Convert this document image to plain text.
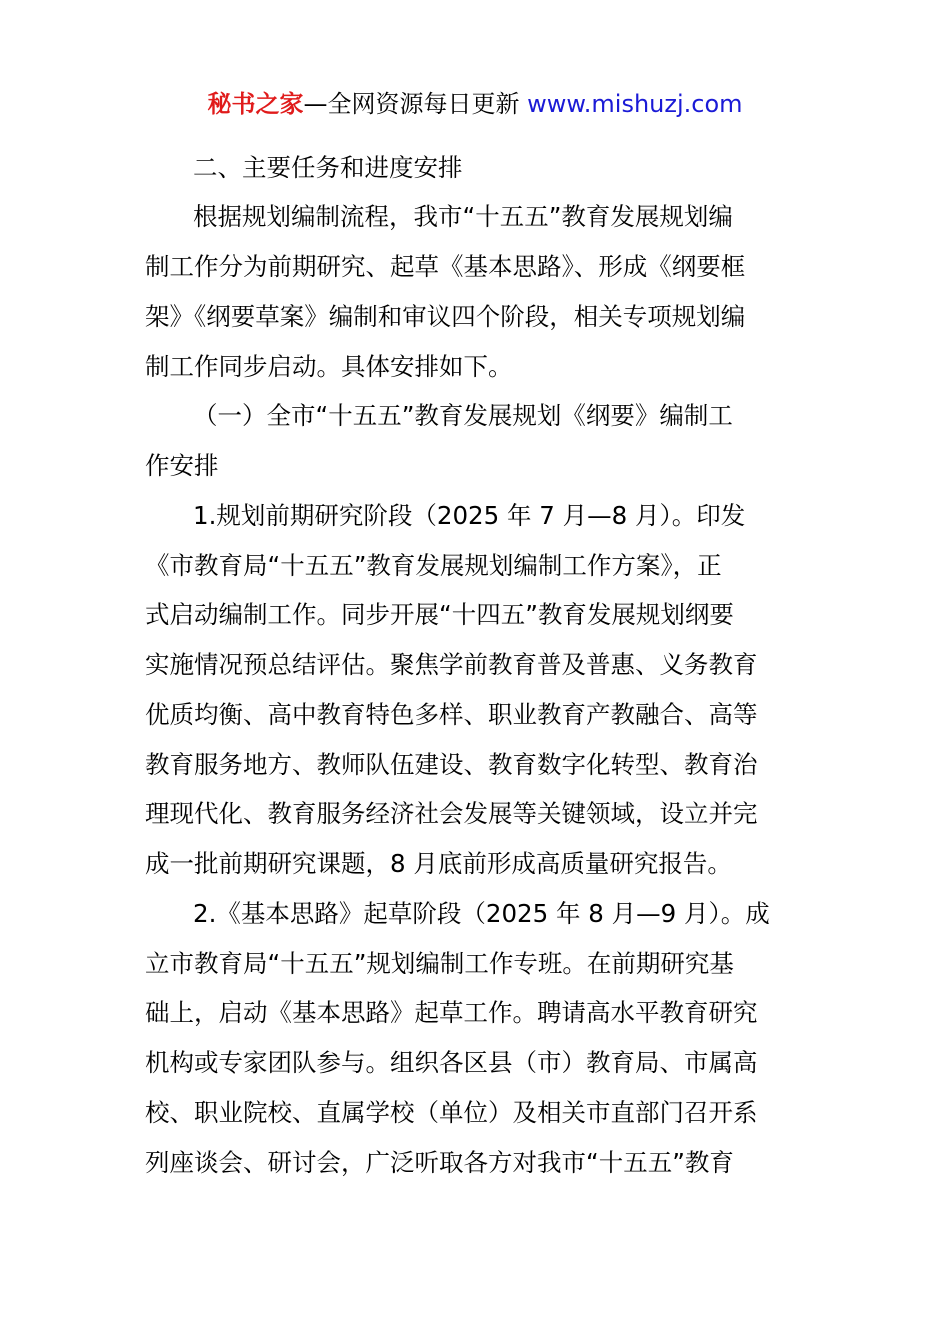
秘书之家—全网资源每日更新 www.mishuzj.com
二、主要任务和进度安排
根据规划编制流程，我市“十五五”教育发展规划编
制工作分为前期研究、起草《基本思路》、形成《纲要框
架》《纲要草案》编制和审议四个阶段，相关专项规划编
制工作同步启动。具体安排如下。
（一）全市“十五五”教育发展规划《纲要》编制工
作安排
1.规划前期研究阶段（2025 年 7 月—8 月）。印发
《市教育局“十五五”教育发展规划编制工作方案》，正
式启动编制工作。同步开展“十四五”教育发展规划纲要
实施情况预总结评估。聚焦学前教育普及普惠、义务教育
优质均衡、高中教育特色多样、职业教育产教融合、高等
教育服务地方、教师队伍建设、教育数字化转型、教育治
理现代化、教育服务经济社会发展等关键领域，设立并完
成一批前期研究课题，8 月底前形成高质量研究报告。
2.《基本思路》起草阶段（2025 年 8 月—9 月）。成
立市教育局“十五五”规划编制工作专班。在前期研究基
础上，启动《基本思路》起草工作。聘请高水平教育研究
机构或专家团队参与。组织各区县（市）教育局、市属高
校、职业院校、直属学校（单位）及相关市直部门召开系
列座谈会、研讨会，广泛听取各方对我市“十五五”教育
